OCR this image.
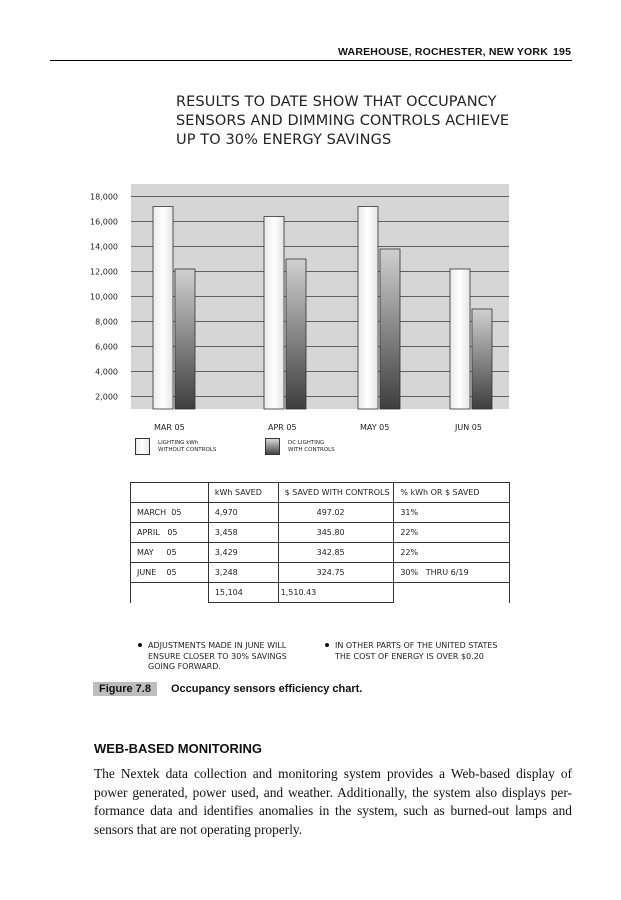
WAREHOUSE, ROCHESTER, NEW YORK 195
RESULTS TO DATE SHOW THAT OCCUPANCY
SENSORS AND DIMMING CONTROLS ACHIEVE
UP TO 30% ENERGY SAVINGS
2,000
4,000
6,000
8,000
10,000
12,000
14,000
16,000
18,000
MAR 05	APR 05	MAY 05	JUN 05
LIGHTING kWh
WITHOUT CONTROLS
DC LIGHTING
WITH CONTROLS
	kWh SAVED	$ SAVED WITH CONTROLS	% kWh OR $ SAVED
MARCH 05	4,970	497.02	31%
APRIL 05	3,458	345.80	22%
MAY 05	3,429	342.85	22%
JUNE 05	3,248	324.75	30% THRU 6/19
	15,104	1,510.43	
ADJUSTMENTS MADE IN JUNE WILL
ENSURE CLOSER TO 30% SAVINGS
GOING FORWARD.
IN OTHER PARTS OF THE UNITED STATES
THE COST OF ENERGY IS OVER $0.20
Figure 7.8	Occupancy sensors efficiency chart.
WEB-BASED MONITORING
The Nextek data collection and monitoring system provides a Web-based display of
power generated, power used, and weather. Additionally, the system also displays per-
formance data and identifies anomalies in the system, such as burned-out lamps and
sensors that are not operating properly.
